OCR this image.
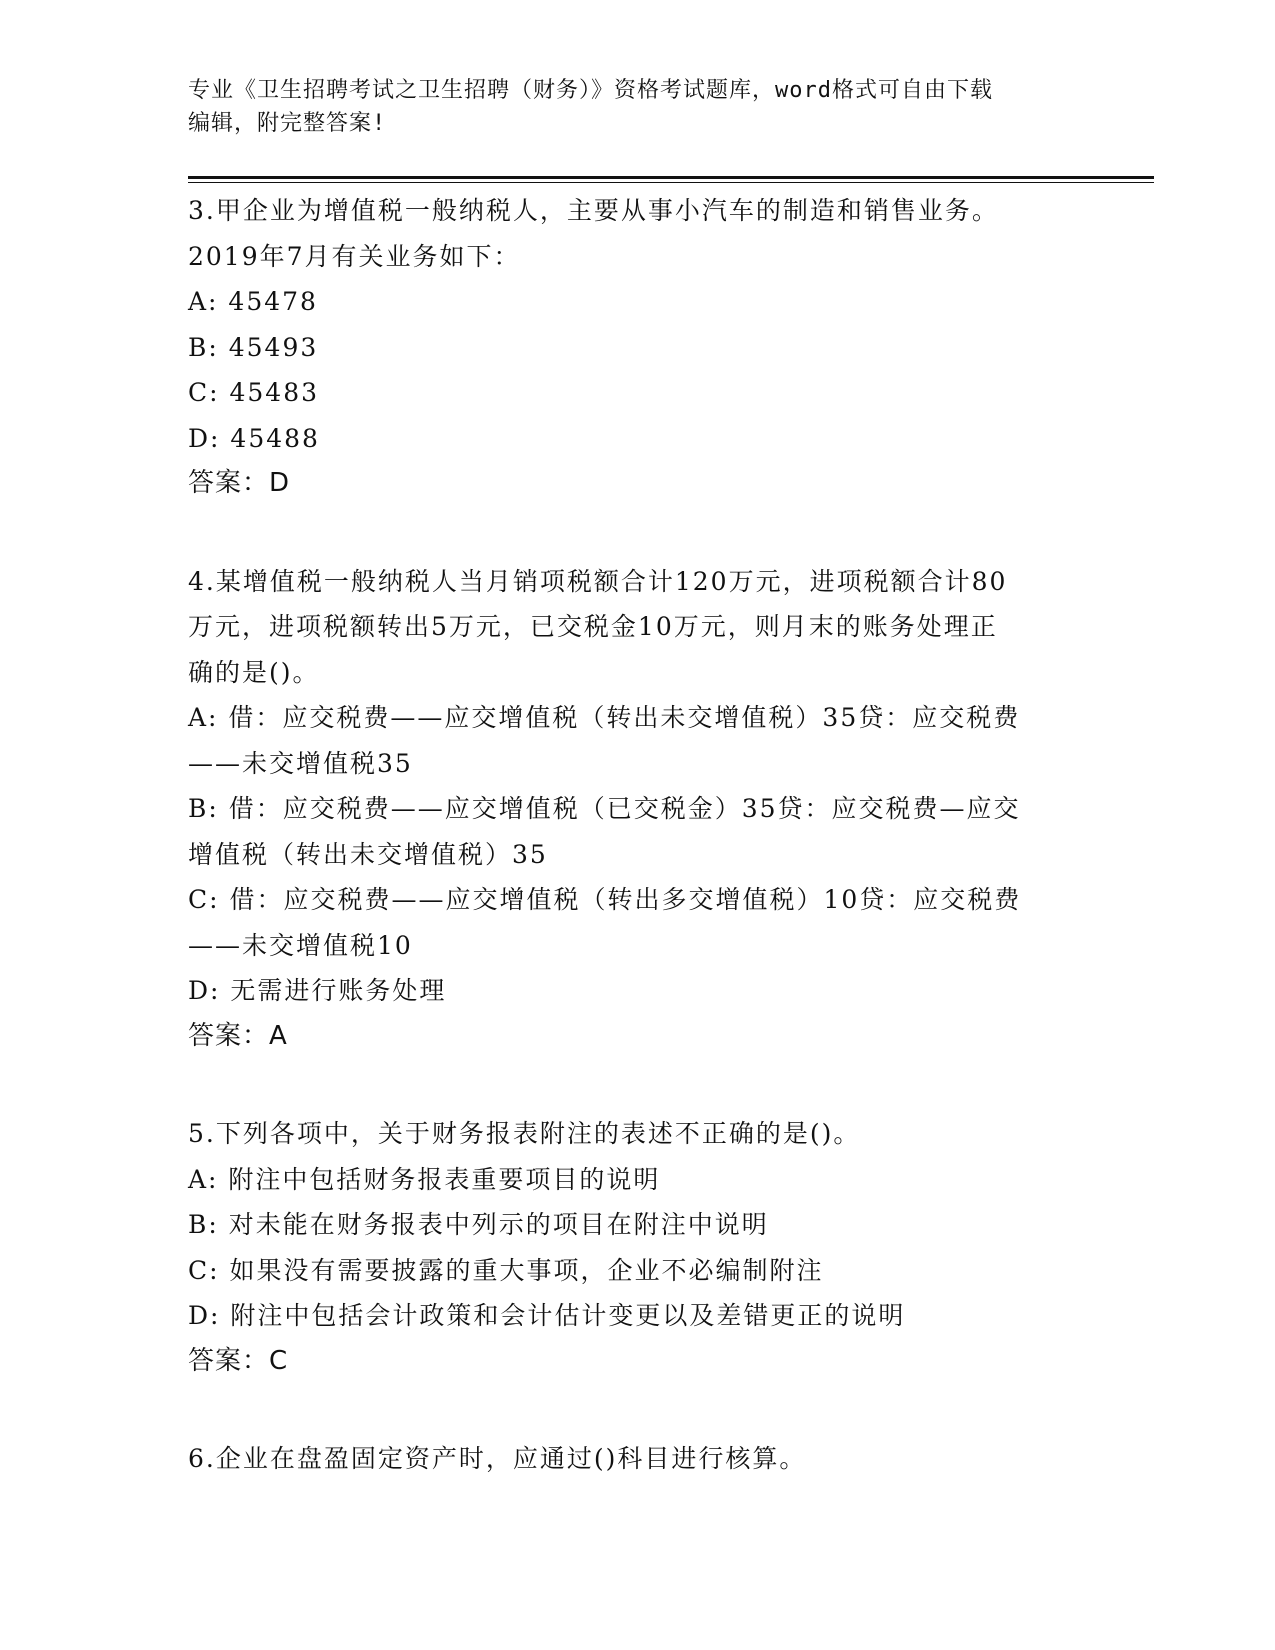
专业《卫生招聘考试之卫生招聘（财务）》资格考试题库，word格式可自由下载
编辑，附完整答案!
3.甲企业为增值税一般纳税人，主要从事小汽车的制造和销售业务。
2019年7月有关业务如下：
A: 45478
B: 45493
C: 45483
D: 45488
答案：D
4.某增值税一般纳税人当月销项税额合计120万元，进项税额合计80
万元，进项税额转出5万元，已交税金10万元，则月末的账务处理正
确的是()。
A: 借：应交税费——应交增值税（转出未交增值税）35贷：应交税费
——未交增值税35
B: 借：应交税费——应交增值税（已交税金）35贷：应交税费—应交
增值税（转出未交增值税）35
C: 借：应交税费——应交增值税（转出多交增值税）10贷：应交税费
——未交增值税10
D: 无需进行账务处理
答案：A
5.下列各项中，关于财务报表附注的表述不正确的是()。
A: 附注中包括财务报表重要项目的说明
B: 对未能在财务报表中列示的项目在附注中说明
C: 如果没有需要披露的重大事项，企业不必编制附注
D: 附注中包括会计政策和会计估计变更以及差错更正的说明
答案：C
6.企业在盘盈固定资产时，应通过()科目进行核算。
